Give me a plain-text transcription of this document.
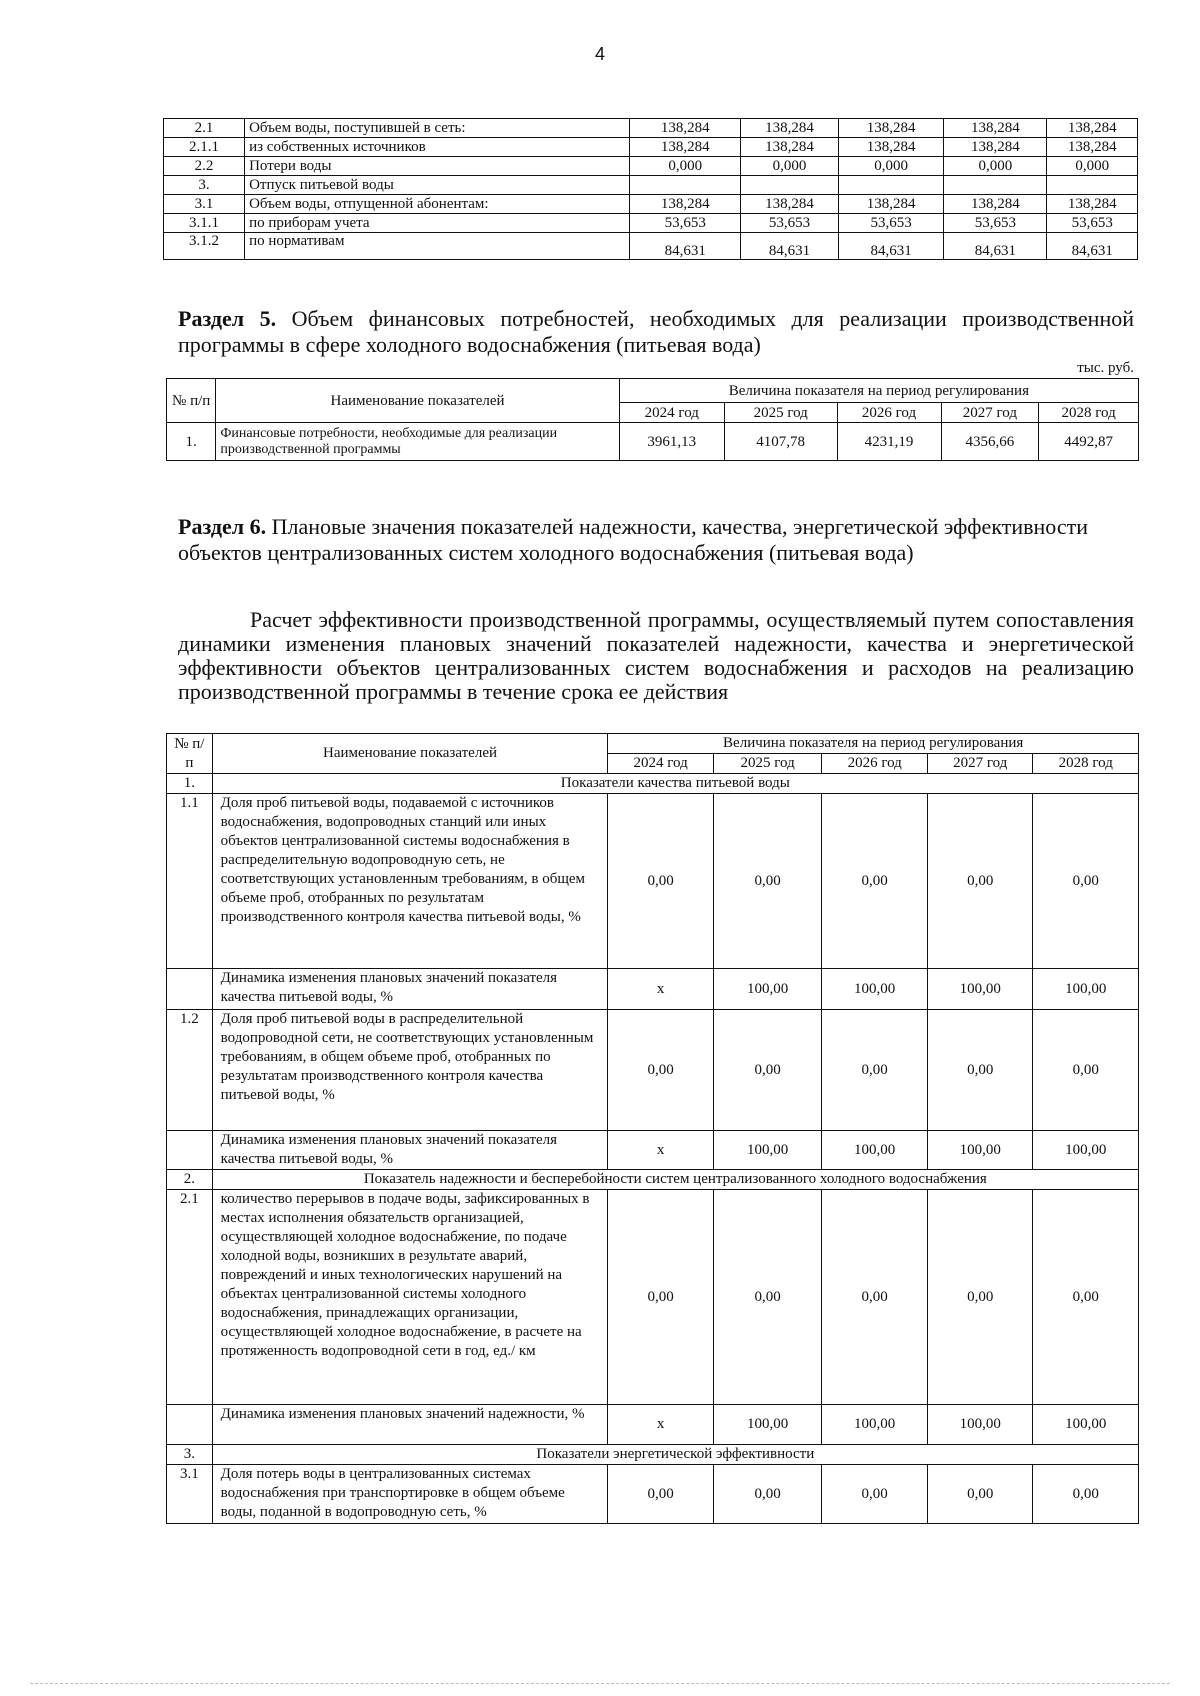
4
2.1	Объем воды, поступившей в сеть:	138,284	138,284	138,284	138,284	138,284
2.1.1	из собственных источников	138,284	138,284	138,284	138,284	138,284
2.2	Потери воды	0,000	0,000	0,000	0,000	0,000
3.	Отпуск питьевой воды					
3.1	Объем воды, отпущенной абонентам:	138,284	138,284	138,284	138,284	138,284
3.1.1	по приборам учета	53,653	53,653	53,653	53,653	53,653
3.1.2	по нормативам	84,631	84,631	84,631	84,631	84,631
Раздел 5. Объем финансовых потребностей, необходимых для реализации производственной программы в сфере холодного водоснабжения (питьевая вода)
тыс. руб.
№ п/п	Наименование показателей	Величина показателя на период регулирования				
		2024 год	2025 год	2026 год	2027 год	2028 год
1.	Финансовые потребности, необходимые для реализации производственной программы	3961,13	4107,78	4231,19	4356,66	4492,87
Раздел 6. Плановые значения показателей надежности, качества, энергетической эффективности объектов централизованных систем холодного водоснабжения (питьевая вода)
Расчет эффективности производственной программы, осуществляемый путем сопоставления динамики изменения плановых значений показателей надежности, качества и энергетической эффективности объектов централизованных систем водоснабжения и расходов на реализацию производственной программы в течение срока ее действия
№ п/п	Наименование показателей	Величина показателя на период регулирования				
		2024 год	2025 год	2026 год	2027 год	2028 год
1.	Показатели качества питьевой воды					
1.1	Доля проб питьевой воды, подаваемой с источников водоснабжения, водопроводных станций или иных объектов централизованной системы водоснабжения в распределительную водопроводную сеть, не соответствующих установленным требованиям, в общем объеме проб, отобранных по результатам производственного контроля качества питьевой воды, %	0,00	0,00	0,00	0,00	0,00
	Динамика изменения плановых значений показателя качества питьевой воды, %	x	100,00	100,00	100,00	100,00
1.2	Доля проб питьевой воды в распределительной водопроводной сети, не соответствующих установленным требованиям, в общем объеме проб, отобранных по результатам производственного контроля качества питьевой воды, %	0,00	0,00	0,00	0,00	0,00
	Динамика изменения плановых значений показателя качества питьевой воды, %	x	100,00	100,00	100,00	100,00
2.	Показатель надежности и бесперебойности систем централизованного холодного водоснабжения					
2.1	количество перерывов в подаче воды, зафиксированных в местах исполнения обязательств организацией, осуществляющей холодное водоснабжение, по подаче холодной воды, возникших в результате аварий, повреждений и иных технологических нарушений на объектах централизованной системы холодного водоснабжения, принадлежащих организации, осуществляющей холодное водоснабжение, в расчете на протяженность водопроводной сети в год, ед./ км	0,00	0,00	0,00	0,00	0,00
	Динамика изменения плановых значений надежности, %	x	100,00	100,00	100,00	100,00
3.	Показатели энергетической эффективности					
3.1	Доля потерь воды в централизованных системах водоснабжения при транспортировке в общем объеме воды, поданной в водопроводную сеть, %	0,00	0,00	0,00	0,00	0,00
